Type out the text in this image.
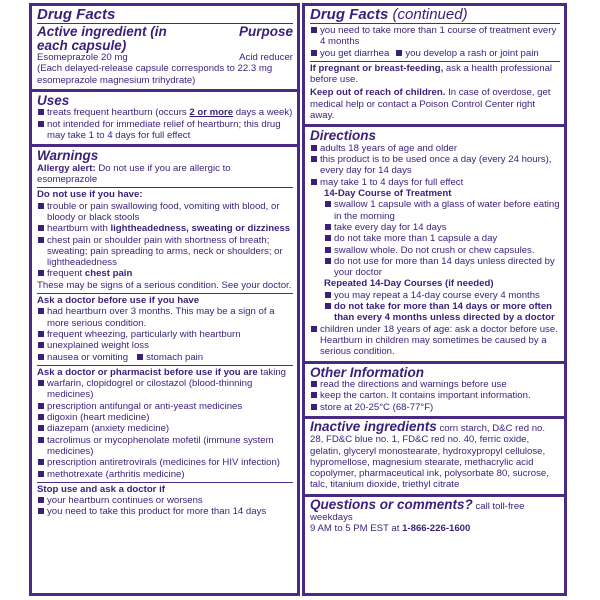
Drug Facts
Active ingredient (in each capsule)
Purpose

Esomeprazole 20 mg	Acid reducer

(Each delayed-release capsule corresponds to 22.3 mg esomeprazole magnesium trihydrate)

Uses
treats frequent heartburn (occurs 2 or more days a week)
not intended for immediate relief of heartburn; this drug may take 1 to 4 days for full effect
Warnings

Allergy alert: Do not use if you are allergic to esomeprazole

Do not use if you have:

trouble or pain swallowing food, vomiting with blood, or bloody or black stools
heartburn with lightheadedness, sweating or dizziness
chest pain or shoulder pain with shortness of breath; sweating; pain spreading to arms, neck or shoulders; or lightheadedness
frequent chest pain

These may be signs of a serious condition. See your doctor.

Ask a doctor before use if you have

had heartburn over 3 months. This may be a sign of a more serious condition.
frequent wheezing, particularly with heartburn
unexplained weight loss
nausea or vomiting	stomach pain

Ask a doctor or pharmacist before use if you are taking

warfarin, clopidogrel or cilostazol (blood-thinning medicines)
prescription antifungal or anti-yeast medicines
digoxin (heart medicine)
diazepam (anxiety medicine)
tacrolimus or mycophenolate mofetil (immune system medicines)
prescription antiretrovirals (medicines for HIV infection)
methotrexate (arthritis medicine)

Stop use and ask a doctor if

your heartburn continues or worsens
you need to take this product for more than 14 days
Drug Facts (continued)
you need to take more than 1 course of treatment every 4 months
you get diarrhea	you develop a rash or joint pain

If pregnant or breast-feeding, ask a health professional before use.

Keep out of reach of children. In case of overdose, get medical help or contact a Poison Control Center right away.

Directions
adults 18 years of age and older
this product is to be used once a day (every 24 hours), every day for 14 days
may take 1 to 4 days for full effect

14-Day Course of Treatment

swallow 1 capsule with a glass of water before eating in the morning
take every day for 14 days
do not take more than 1 capsule a day
swallow whole. Do not crush or chew capsules.
do not use for more than 14 days unless directed by your doctor

Repeated 14-Day Courses (if needed)

you may repeat a 14-day course every 4 months
do not take for more than 14 days or more often than every 4 months unless directed by a doctor
children under 18 years of age: ask a doctor before use. Heartburn in children may sometimes be caused by a serious condition.
Other Information
read the directions and warnings before use
keep the carton. It contains important information.
store at 20-25°C (68-77°F)

Inactive ingredients corn starch, D&C red no. 28, FD&C blue no. 1, FD&C red no. 40, ferric oxide, gelatin, glyceryl monostearate, hydroxypropyl cellulose, hypromellose, magnesium stearate, methacrylic acid copolymer, pharmaceutical ink, polysorbate 80, sucrose, talc, titanium dioxide, triethyl citrate

Questions or comments? call toll-free weekdays

9 AM to 5 PM EST at 1-866-226-1600
